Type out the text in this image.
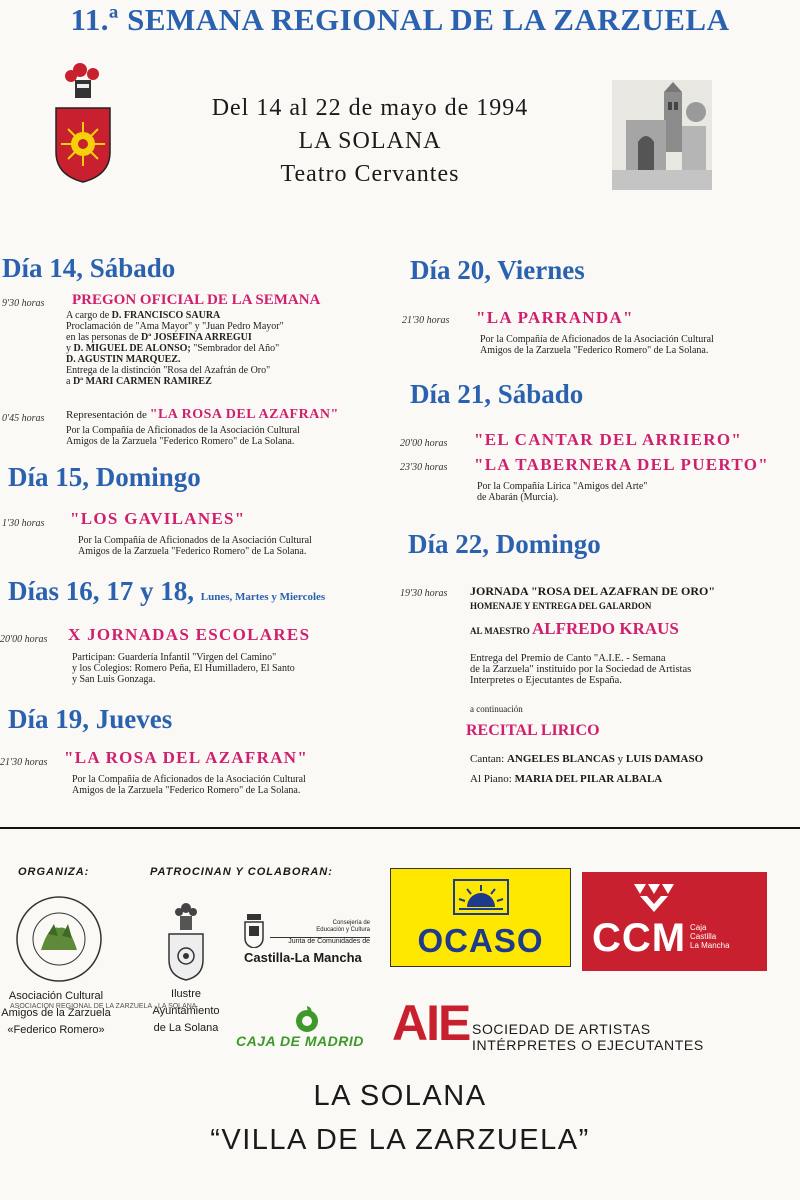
11.ª SEMANA REGIONAL DE LA ZARZUELA
Del 14 al 22 de mayo de 1994
LA SOLANA
Teatro Cervantes
Día 14, Sábado
9'30 horas PREGON OFICIAL DE LA SEMANA
A cargo de D. FRANCISCO SAURA
Proclamación de "Ama Mayor" y "Juan Pedro Mayor"
en las personas de Dª JOSEFINA ARREGUI
y D. MIGUEL DE ALONSO; "Sembrador del Año"
D. AGUSTIN MARQUEZ.
Entrega de la distinción "Rosa del Azafrán de Oro"
a Dª MARI CARMEN RAMIREZ
0'45 horas Representación de "LA ROSA DEL AZAFRAN"
Por la Compañía de Aficionados de la Asociación Cultural
Amigos de la Zarzuela "Federico Romero" de La Solana.
Día 15, Domingo
1'30 horas "LOS GAVILANES"
Por la Compañía de Aficionados de la Asociación Cultural
Amigos de la Zarzuela "Federico Romero" de La Solana.
Días 16, 17 y 18, Lunes, Martes y Miercoles
20'00 horas X JORNADAS ESCOLARES
Participan: Guardería Infantil "Virgen del Camino"
y los Colegios: Romero Peña, El Humilladero, El Santo
y San Luis Gonzaga.
Día 19, Jueves
21'30 horas "LA ROSA DEL AZAFRAN"
Por la Compañía de Aficionados de la Asociación Cultural
Amigos de la Zarzuela "Federico Romero" de La Solana.
Día 20, Viernes
21'30 horas "LA PARRANDA"
Por la Compañía de Aficionados de la Asociación Cultural
Amigos de la Zarzuela "Federico Romero" de La Solana.
Día 21, Sábado
20'00 horas "EL CANTAR DEL ARRIERO"
23'30 horas "LA TABERNERA DEL PUERTO"
Por la Compañía Lírica "Amigos del Arte"
de Abarán (Murcia).
Día 22, Domingo
19'30 horas JORNADA "ROSA DEL AZAFRAN DE ORO"
HOMENAJE Y ENTREGA DEL GALARDON
AL MAESTRO ALFREDO KRAUS
Entrega del Premio de Canto "A.I.E. - Semana
de la Zarzuela" instituido por la Sociedad de Artistas
Interpretes o Ejecutantes de España.
a continuación
RECITAL LIRICO
Cantan: ANGELES BLANCAS y LUIS DAMASO
Al Piano: MARIA DEL PILAR ALBALA
ORGANIZA:	PATROCINAN Y COLABORAN:
ASOCIACION REGIONAL DE LA ZARZUELA · LA SOLANA
Asociación Cultural
Amigos de la Zarzuela
«Federico Romero»
Ilustre
Ayuntamiento
de La Solana
Consejería de
Educación y Cultura
Junta de Comunidades de
Castilla-La Mancha	OCASO	CCM Caja
Castilla
La Mancha
CAJA DE MADRID AIE SOCIEDAD DE ARTISTAS
INTÉRPRETES O EJECUTANTES
LA SOLANA
“VILLA DE LA ZARZUELA”
